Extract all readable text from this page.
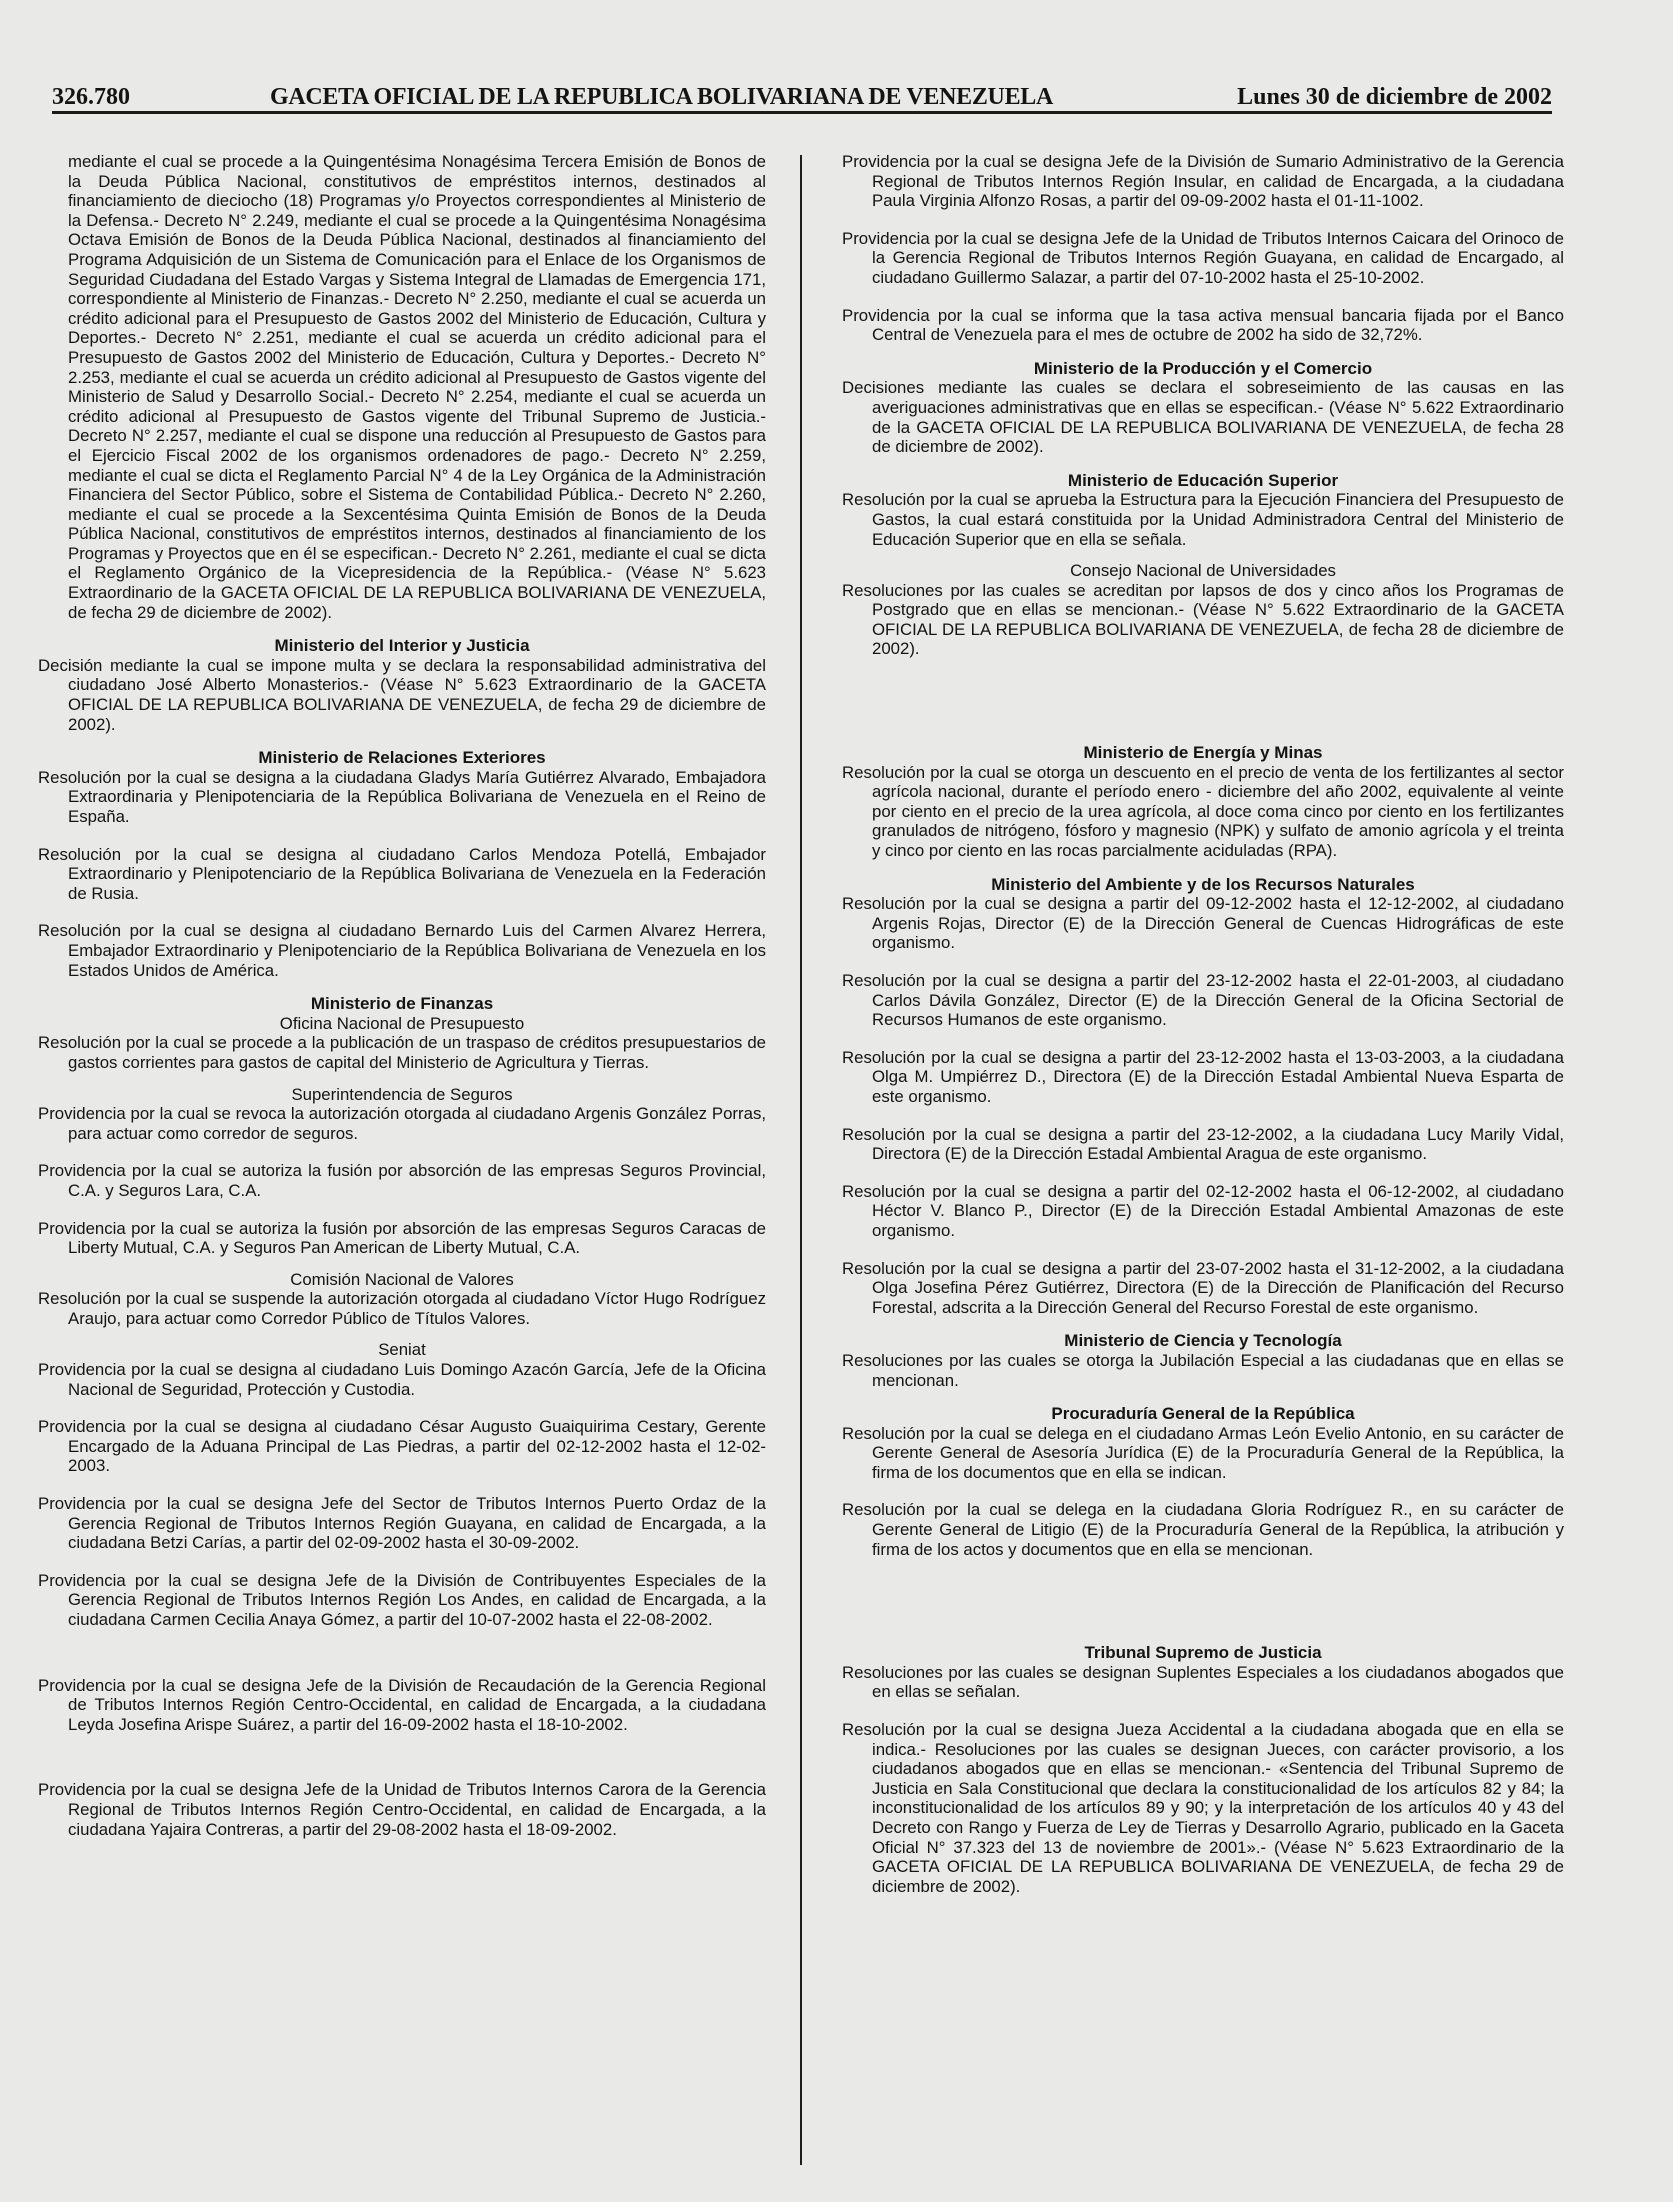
326.780	GACETA OFICIAL DE LA REPUBLICA BOLIVARIANA DE VENEZUELA	Lunes 30 de diciembre de 2002

mediante el cual se procede a la Quingentésima Nonagésima Tercera Emisión de Bonos de la Deuda Pública Nacional, constitutivos de empréstitos internos, destinados al financiamiento de dieciocho (18) Programas y/o Proyectos correspondientes al Ministerio de la Defensa.- Decreto N° 2.249, mediante el cual se procede a la Quingentésima Nonagésima Octava Emisión de Bonos de la Deuda Pública Nacional, destinados al financiamiento del Programa Adquisición de un Sistema de Comunicación para el Enlace de los Organismos de Seguridad Ciudadana del Estado Vargas y Sistema Integral de Llamadas de Emergencia 171, correspondiente al Ministerio de Finanzas.- Decreto N° 2.250, mediante el cual se acuerda un crédito adicional para el Presupuesto de Gastos 2002 del Ministerio de Educación, Cultura y Deportes.- Decreto N° 2.251, mediante el cual se acuerda un crédito adicional para el Presupuesto de Gastos 2002 del Ministerio de Educación, Cultura y Deportes.- Decreto N° 2.253, mediante el cual se acuerda un crédito adicional al Presupuesto de Gastos vigente del Ministerio de Salud y Desarrollo Social.- Decreto N° 2.254, mediante el cual se acuerda un crédito adicional al Presupuesto de Gastos vigente del Tribunal Supremo de Justicia.- Decreto N° 2.257, mediante el cual se dispone una reducción al Presupuesto de Gastos para el Ejercicio Fiscal 2002 de los organismos ordenadores de pago.- Decreto N° 2.259, mediante el cual se dicta el Reglamento Parcial N° 4 de la Ley Orgánica de la Administración Financiera del Sector Público, sobre el Sistema de Contabilidad Pública.- Decreto N° 2.260, mediante el cual se procede a la Sexcentésima Quinta Emisión de Bonos de la Deuda Pública Nacional, constitutivos de empréstitos internos, destinados al financiamiento de los Programas y Proyectos que en él se especifican.- Decreto N° 2.261, mediante el cual se dicta el Reglamento Orgánico de la Vicepresidencia de la República.- (Véase N° 5.623 Extraordinario de la GACETA OFICIAL DE LA REPUBLICA BOLIVARIANA DE VENEZUELA, de fecha 29 de diciembre de 2002).

Ministerio del Interior y Justicia

Decisión mediante la cual se impone multa y se declara la responsabilidad administrativa del ciudadano José Alberto Monasterios.- (Véase N° 5.623 Extraordinario de la GACETA OFICIAL DE LA REPUBLICA BOLIVARIANA DE VENEZUELA, de fecha 29 de diciembre de 2002).

Ministerio de Relaciones Exteriores

Resolución por la cual se designa a la ciudadana Gladys María Gutiérrez Alvarado, Embajadora Extraordinaria y Plenipotenciaria de la República Bolivariana de Venezuela en el Reino de España.

Resolución por la cual se designa al ciudadano Carlos Mendoza Potellá, Embajador Extraordinario y Plenipotenciario de la República Bolivariana de Venezuela en la Federación de Rusia.

Resolución por la cual se designa al ciudadano Bernardo Luis del Carmen Alvarez Herrera, Embajador Extraordinario y Plenipotenciario de la República Bolivariana de Venezuela en los Estados Unidos de América.

Ministerio de Finanzas

Oficina Nacional de Presupuesto

Resolución por la cual se procede a la publicación de un traspaso de créditos presupuestarios de gastos corrientes para gastos de capital del Ministerio de Agricultura y Tierras.

Superintendencia de Seguros

Providencia por la cual se revoca la autorización otorgada al ciudadano Argenis González Porras, para actuar como corredor de seguros.

Providencia por la cual se autoriza la fusión por absorción de las empresas Seguros Provincial, C.A. y Seguros Lara, C.A.

Providencia por la cual se autoriza la fusión por absorción de las empresas Seguros Caracas de Liberty Mutual, C.A. y Seguros Pan American de Liberty Mutual, C.A.

Comisión Nacional de Valores

Resolución por la cual se suspende la autorización otorgada al ciudadano Víctor Hugo Rodríguez Araujo, para actuar como Corredor Público de Títulos Valores.

Seniat

Providencia por la cual se designa al ciudadano Luis Domingo Azacón García, Jefe de la Oficina Nacional de Seguridad, Protección y Custodia.

Providencia por la cual se designa al ciudadano César Augusto Guaiquirima Cestary, Gerente Encargado de la Aduana Principal de Las Piedras, a partir del 02-12-2002 hasta el 12-02-2003.

Providencia por la cual se designa Jefe del Sector de Tributos Internos Puerto Ordaz de la Gerencia Regional de Tributos Internos Región Guayana, en calidad de Encargada, a la ciudadana Betzi Carías, a partir del 02-09-2002 hasta el 30-09-2002.

Providencia por la cual se designa Jefe de la División de Contribuyentes Especiales de la Gerencia Regional de Tributos Internos Región Los Andes, en calidad de Encargada, a la ciudadana Carmen Cecilia Anaya Gómez, a partir del 10-07-2002 hasta el 22-08-2002.

Providencia por la cual se designa Jefe de la División de Recaudación de la Gerencia Regional de Tributos Internos Región Centro-Occidental, en calidad de Encargada, a la ciudadana Leyda Josefina Arispe Suárez, a partir del 16-09-2002 hasta el 18-10-2002.

Providencia por la cual se designa Jefe de la Unidad de Tributos Internos Carora de la Gerencia Regional de Tributos Internos Región Centro-Occidental, en calidad de Encargada, a la ciudadana Yajaira Contreras, a partir del 29-08-2002 hasta el 18-09-2002.

Providencia por la cual se designa Jefe de la División de Sumario Administrativo de la Gerencia Regional de Tributos Internos Región Insular, en calidad de Encargada, a la ciudadana Paula Virginia Alfonzo Rosas, a partir del 09-09-2002 hasta el 01-11-1002.

Providencia por la cual se designa Jefe de la Unidad de Tributos Internos Caicara del Orinoco de la Gerencia Regional de Tributos Internos Región Guayana, en calidad de Encargado, al ciudadano Guillermo Salazar, a partir del 07-10-2002 hasta el 25-10-2002.

Providencia por la cual se informa que la tasa activa mensual bancaria fijada por el Banco Central de Venezuela para el mes de octubre de 2002 ha sido de 32,72%.

Ministerio de la Producción y el Comercio

Decisiones mediante las cuales se declara el sobreseimiento de las causas en las averiguaciones administrativas que en ellas se especifican.- (Véase N° 5.622 Extraordinario de la GACETA OFICIAL DE LA REPUBLICA BOLIVARIANA DE VENEZUELA, de fecha 28 de diciembre de 2002).

Ministerio de Educación Superior

Resolución por la cual se aprueba la Estructura para la Ejecución Financiera del Presupuesto de Gastos, la cual estará constituida por la Unidad Administradora Central del Ministerio de Educación Superior que en ella se señala.

Consejo Nacional de Universidades

Resoluciones por las cuales se acreditan por lapsos de dos y cinco años los Programas de Postgrado que en ellas se mencionan.- (Véase N° 5.622 Extraordinario de la GACETA OFICIAL DE LA REPUBLICA BOLIVARIANA DE VENEZUELA, de fecha 28 de diciembre de 2002).

Ministerio de Energía y Minas

Resolución por la cual se otorga un descuento en el precio de venta de los fertilizantes al sector agrícola nacional, durante el período enero - diciembre del año 2002, equivalente al veinte por ciento en el precio de la urea agrícola, al doce coma cinco por ciento en los fertilizantes granulados de nitrógeno, fósforo y magnesio (NPK) y sulfato de amonio agrícola y el treinta y cinco por ciento en las rocas parcialmente aciduladas (RPA).

Ministerio del Ambiente y de los Recursos Naturales

Resolución por la cual se designa a partir del 09-12-2002 hasta el 12-12-2002, al ciudadano Argenis Rojas, Director (E) de la Dirección General de Cuencas Hidrográficas de este organismo.

Resolución por la cual se designa a partir del 23-12-2002 hasta el 22-01-2003, al ciudadano Carlos Dávila González, Director (E) de la Dirección General de la Oficina Sectorial de Recursos Humanos de este organismo.

Resolución por la cual se designa a partir del 23-12-2002 hasta el 13-03-2003, a la ciudadana Olga M. Umpiérrez D., Directora (E) de la Dirección Estadal Ambiental Nueva Esparta de este organismo.

Resolución por la cual se designa a partir del 23-12-2002, a la ciudadana Lucy Marily Vidal, Directora (E) de la Dirección Estadal Ambiental Aragua de este organismo.

Resolución por la cual se designa a partir del 02-12-2002 hasta el 06-12-2002, al ciudadano Héctor V. Blanco P., Director (E) de la Dirección Estadal Ambiental Amazonas de este organismo.

Resolución por la cual se designa a partir del 23-07-2002 hasta el 31-12-2002, a la ciudadana Olga Josefina Pérez Gutiérrez, Directora (E) de la Dirección de Planificación del Recurso Forestal, adscrita a la Dirección General del Recurso Forestal de este organismo.

Ministerio de Ciencia y Tecnología

Resoluciones por las cuales se otorga la Jubilación Especial a las ciudadanas que en ellas se mencionan.

Procuraduría General de la República

Resolución por la cual se delega en el ciudadano Armas León Evelio Antonio, en su carácter de Gerente General de Asesoría Jurídica (E) de la Procuraduría General de la República, la firma de los documentos que en ella se indican.

Resolución por la cual se delega en la ciudadana Gloria Rodríguez R., en su carácter de Gerente General de Litigio (E) de la Procuraduría General de la República, la atribución y firma de los actos y documentos que en ella se mencionan.

Tribunal Supremo de Justicia

Resoluciones por las cuales se designan Suplentes Especiales a los ciudadanos abogados que en ellas se señalan.

Resolución por la cual se designa Jueza Accidental a la ciudadana abogada que en ella se indica.- Resoluciones por las cuales se designan Jueces, con carácter provisorio, a los ciudadanos abogados que en ellas se mencionan.- «Sentencia del Tribunal Supremo de Justicia en Sala Constitucional que declara la constitucionalidad de los artículos 82 y 84; la inconstitucionalidad de los artículos 89 y 90; y la interpretación de los artículos 40 y 43 del Decreto con Rango y Fuerza de Ley de Tierras y Desarrollo Agrario, publicado en la Gaceta Oficial N° 37.323 del 13 de noviembre de 2001».- (Véase N° 5.623 Extraordinario de la GACETA OFICIAL DE LA REPUBLICA BOLIVARIANA DE VENEZUELA, de fecha 29 de diciembre de 2002).
